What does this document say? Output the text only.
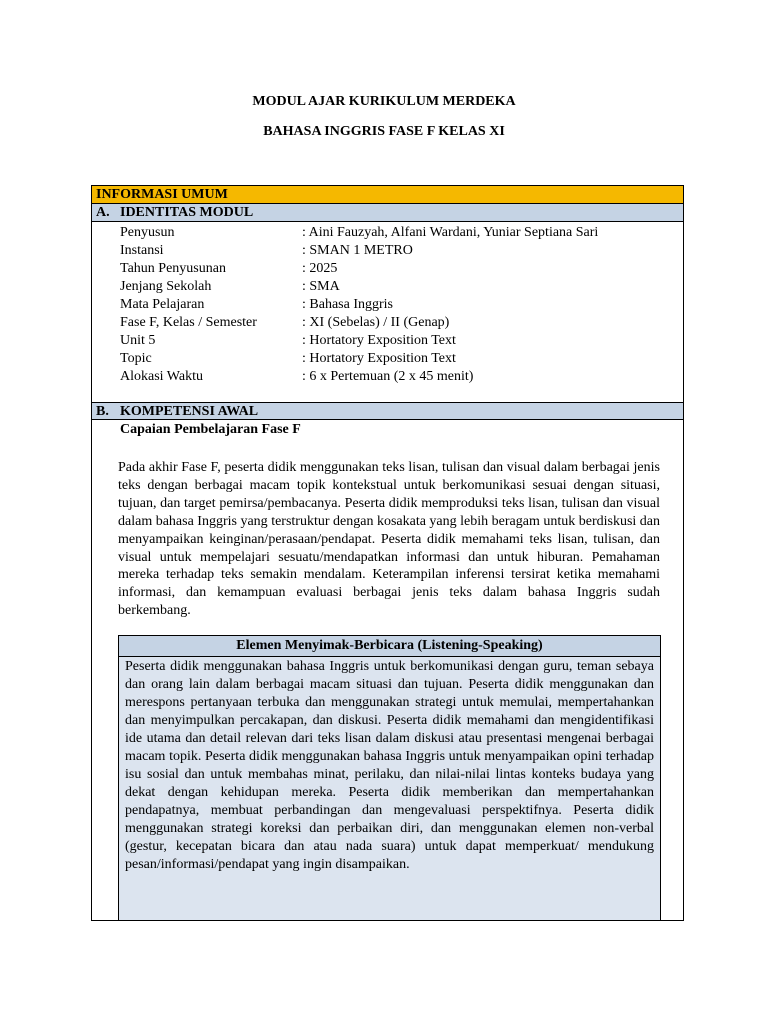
MODUL AJAR KURIKULUM MERDEKA
BAHASA INGGRIS FASE F KELAS XI
INFORMASI UMUM
A. IDENTITAS MODUL
Penyusun	: Aini Fauzyah, Alfani Wardani, Yuniar Septiana Sari
Instansi	: SMAN 1 METRO
Tahun Penyusunan	: 2025
Jenjang Sekolah	: SMA
Mata Pelajaran	: Bahasa Inggris
Fase F, Kelas / Semester	: XI (Sebelas) / II (Genap)
Unit 5	: Hortatory Exposition Text
Topic	: Hortatory Exposition Text
Alokasi Waktu	: 6 x Pertemuan (2 x 45 menit)
B. KOMPETENSI AWAL
Capaian Pembelajaran Fase F
Pada akhir Fase F, peserta didik menggunakan teks lisan, tulisan dan visual dalam berbagai jenis teks dengan berbagai macam topik kontekstual untuk berkomunikasi sesuai dengan situasi, tujuan, dan target pemirsa/pembacanya. Peserta didik memproduksi teks lisan, tulisan dan visual dalam bahasa Inggris yang terstruktur dengan kosakata yang lebih beragam untuk berdiskusi dan menyampaikan keinginan/perasaan/pendapat. Peserta didik memahami teks lisan, tulisan, dan visual untuk mempelajari sesuatu/mendapatkan informasi dan untuk hiburan. Pemahaman mereka terhadap teks semakin mendalam. Keterampilan inferensi tersirat ketika memahami informasi, dan kemampuan evaluasi berbagai jenis teks dalam bahasa Inggris sudah berkembang.
Elemen Menyimak-Berbicara (Listening-Speaking)
Peserta didik menggunakan bahasa Inggris untuk berkomunikasi dengan guru, teman sebaya dan orang lain dalam berbagai macam situasi dan tujuan. Peserta didik menggunakan dan merespons pertanyaan terbuka dan menggunakan strategi untuk memulai, mempertahankan dan menyimpulkan percakapan, dan diskusi. Peserta didik memahami dan mengidentifikasi ide utama dan detail relevan dari teks lisan dalam diskusi atau presentasi mengenai berbagai macam topik. Peserta didik menggunakan bahasa Inggris untuk menyampaikan opini terhadap isu sosial dan untuk membahas minat, perilaku, dan nilai-nilai lintas konteks budaya yang dekat dengan kehidupan mereka. Peserta didik memberikan dan mempertahankan pendapatnya, membuat perbandingan dan mengevaluasi perspektifnya. Peserta didik menggunakan strategi koreksi dan perbaikan diri, dan menggunakan elemen non-verbal (gestur, kecepatan bicara dan atau nada suara) untuk dapat memperkuat/ mendukung pesan/informasi/pendapat yang ingin disampaikan.
